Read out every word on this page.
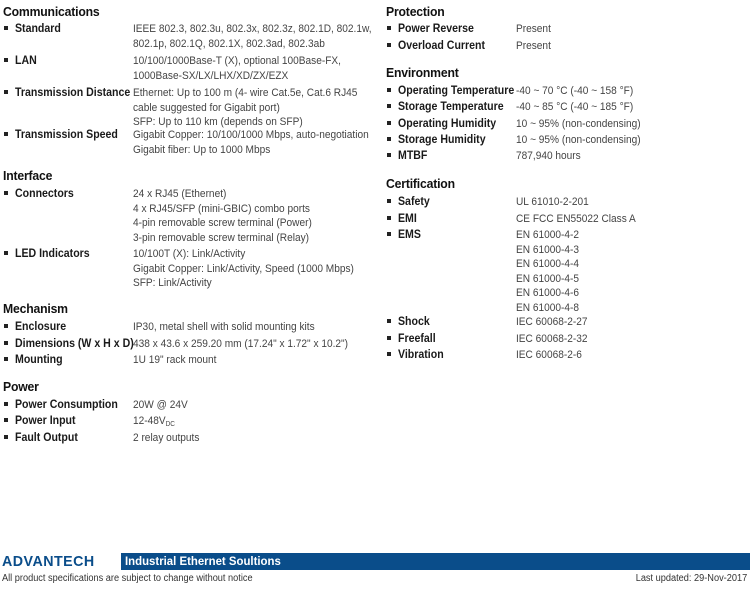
Communications
Standard	IEEE 802.3, 802.3u, 802.3x, 802.3z, 802.1D, 802.1w,
802.1p, 802.1Q, 802.1X, 802.3ad, 802.3ab
LAN	10/100/1000Base-T (X), optional 100Base-FX,
1000Base-SX/LX/LHX/XD/ZX/EZX
Transmission Distance Ethernet: Up to 100 m (4- wire Cat.5e, Cat.6 RJ45
cable suggested for Gigabit port)
SFP: Up to 110 km (depends on SFP)
Transmission Speed	Gigabit Copper: 10/100/1000 Mbps, auto-negotiation
Gigabit fiber: Up to 1000 Mbps
Interface
Connectors	24 x RJ45 (Ethernet)
4 x RJ45/SFP (mini-GBIC) combo ports
4-pin removable screw terminal (Power)
3-pin removable screw terminal (Relay)
LED Indicators	10/100T (X): Link/Activity
Gigabit Copper: Link/Activity, Speed (1000 Mbps)
SFP: Link/Activity
Mechanism
Enclosure	IP30, metal shell with solid mounting kits
Dimensions (W x H x D) 438 x 43.6 x 259.20 mm (17.24" x 1.72" x 10.2")
Mounting	1U 19" rack mount
Power
Power Consumption	20W @ 24V
Power Input	$12-48V_{DC}$
Fault Output	2 relay outputs
Protection
Power Reverse	Present
Overload Current	Present
Environment
Operating Temperature -40 ~ 70 °C (-40 ~ 158 °F)
Storage Temperature -40 ~ 85 °C (-40 ~ 185 °F)
Operating Humidity	10 ~ 95% (non-condensing)
Storage Humidity	10 ~ 95% (non-condensing)
MTBF	787,940 hours
Certification
Safety	UL 61010-2-201
EMI	CE FCC EN55022 Class A
EMS	EN 61000-4-2
EN 61000-4-3
EN 61000-4-4
EN 61000-4-5
EN 61000-4-6
EN 61000-4-8
Shock	IEC 60068-2-27
Freefall	IEC 60068-2-32
Vibration	IEC 60068-2-6
ADVANTECH	Industrial Ethernet Soultions
All product specifications are subject to change without notice	Last updated: 29-Nov-2017
